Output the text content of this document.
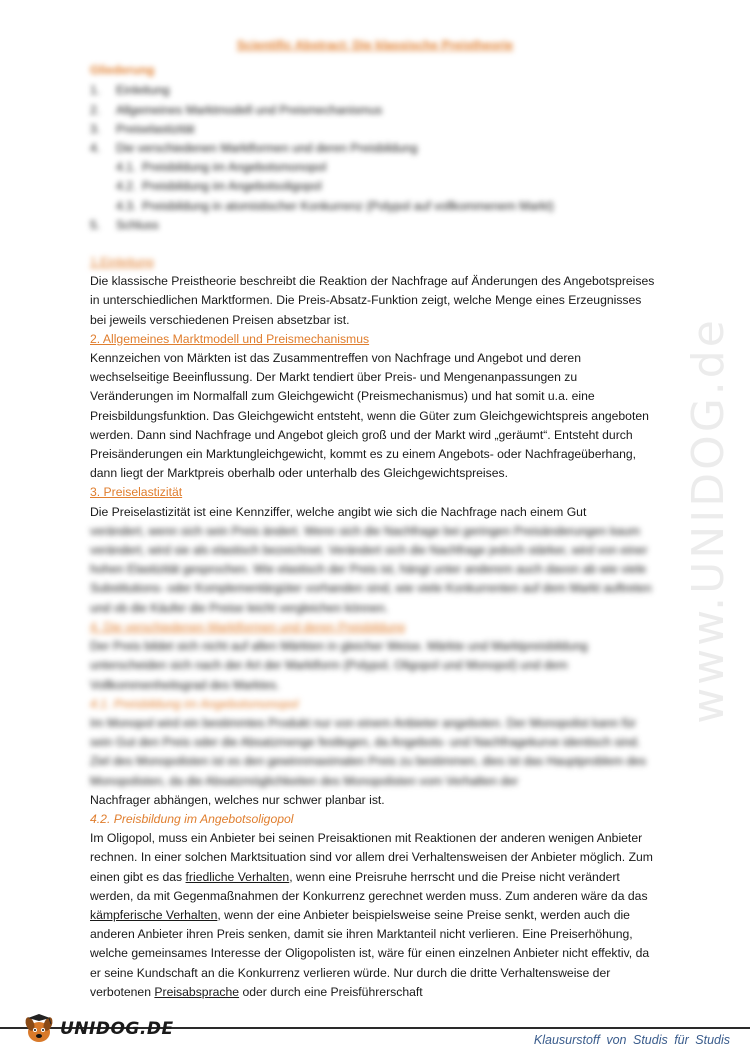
www.UNIDOG.de
Scientific Abstract: Die klassische Preistheorie
Gliederung
1.	Einleitung
2.	Allgemeines Marktmodell und Preismechanismus
3.	Preiselastizität
4.	Die verschiedenen Marktformen und deren Preisbildung
4.1. Preisbildung im Angebotsmonopol
4.2. Preisbildung im Angebotsoligopol
4.3. Preisbildung in atomistischer Konkurrenz (Polypol auf vollkommenem Markt)
5.	Schluss
1.Einleitung

Die klassische Preistheorie beschreibt die Reaktion der Nachfrage auf Änderungen des Angebotspreises in unterschiedlichen Marktformen. Die Preis-Absatz-Funktion zeigt, welche Menge eines Erzeugnisses bei jeweils verschiedenen Preisen absetzbar ist.

2. Allgemeines Marktmodell und Preismechanismus

Kennzeichen von Märkten ist das Zusammentreffen von Nachfrage und Angebot und deren wechselseitige Beeinflussung. Der Markt tendiert über Preis- und Mengenanpassungen zu Veränderungen im Normalfall zum Gleichgewicht (Preismechanismus) und hat somit u.a. eine Preisbildungsfunktion. Das Gleichgewicht entsteht, wenn die Güter zum Gleichgewichtspreis angeboten werden. Dann sind Nachfrage und Angebot gleich groß und der Markt wird „geräumt“. Entsteht durch Preisänderungen ein Marktungleichgewicht, kommt es zu einem Angebots- oder Nachfrageüberhang, dann liegt der Marktpreis oberhalb oder unterhalb des Gleichgewichtspreises.

3. Preiselastizität

Die Preiselastizität ist eine Kennziffer, welche angibt wie sich die Nachfrage nach einem Gut

verändert, wenn sich sein Preis ändert. Wenn sich die Nachfrage bei geringen Preisänderungen kaum verändert, wird sie als elastisch bezeichnet. Verändert sich die Nachfrage jedoch stärker, wird von einer hohen Elastizität gesprochen. Wie elastisch der Preis ist, hängt unter anderem auch davon ab wie viele Substitutions- oder Komplementärgüter vorhanden sind, wie viele Konkurrenten auf dem Markt auftreten und ob die Käufer die Preise leicht vergleichen können.

4. Die verschiedenen Marktformen und deren Preisbildung

Der Preis bildet sich nicht auf allen Märkten in gleicher Weise. Märkte und Marktpreisbildung unterscheiden sich nach der Art der Marktform (Polypol, Oligopol und Monopol) und dem Vollkommenheitsgrad des Marktes.

4.1. Preisbildung im Angebotsmonopol

Im Monopol wird ein bestimmtes Produkt nur von einem Anbieter angeboten. Der Monopolist kann für sein Gut den Preis oder die Absatzmenge festlegen, da Angebots- und Nachfragekurve identisch sind. Ziel des Monopolisten ist es den gewinnmaximalen Preis zu bestimmen, dies ist das Hauptproblem des Monopolisten, da die Absatzmöglichkeiten des Monopolisten vom Verhalten der

Nachfrager abhängen, welches nur schwer planbar ist.

4.2. Preisbildung im Angebotsoligopol

Im Oligopol, muss ein Anbieter bei seinen Preisaktionen mit Reaktionen der anderen wenigen Anbieter rechnen. In einer solchen Marktsituation sind vor allem drei Verhaltensweisen der Anbieter möglich. Zum einen gibt es das friedliche Verhalten, wenn eine Preisruhe herrscht und die Preise nicht verändert werden, da mit Gegenmaßnahmen der Konkurrenz gerechnet werden muss. Zum anderen wäre da das kämpferische Verhalten, wenn der eine Anbieter beispielsweise seine Preise senkt, werden auch die anderen Anbieter ihren Preis senken, damit sie ihren Marktanteil nicht verlieren. Eine Preiserhöhung, welche gemeinsames Interesse der Oligopolisten ist, wäre für einen einzelnen Anbieter nicht effektiv, da er seine Kundschaft an die Konkurrenz verlieren würde. Nur durch die dritte Verhaltensweise der verbotenen Preisabsprache oder durch eine Preisführerschaft

UNIDOG.DE
Klausurstoff von Studis für Studis
